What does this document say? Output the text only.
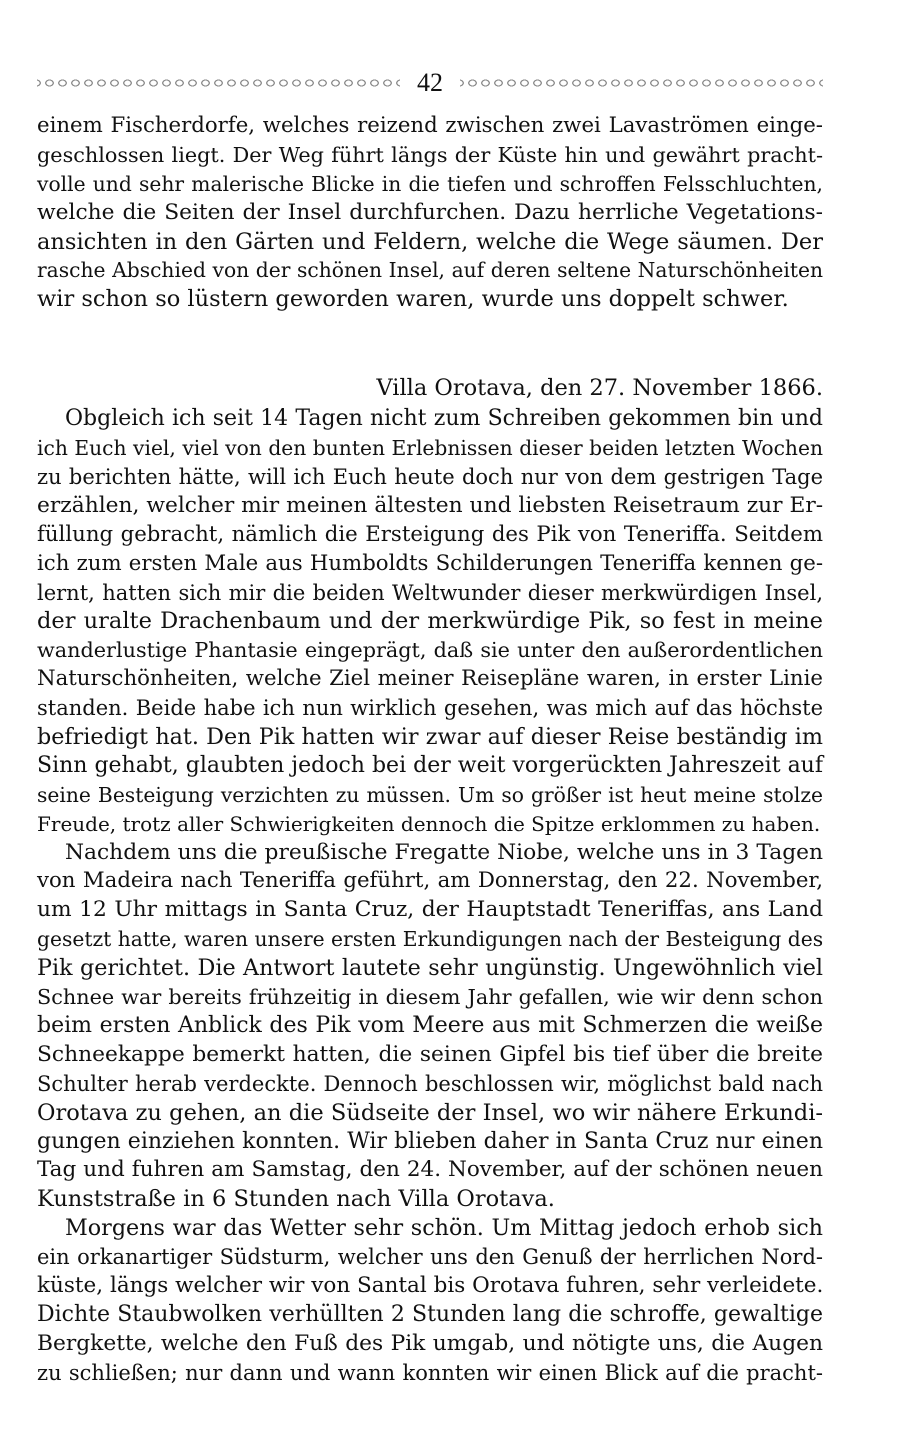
42
einem Fischerdorfe, welches reizend zwischen zwei Lavaströmen einge-
geschlossen liegt. Der Weg führt längs der Küste hin und gewährt pracht-
volle und sehr malerische Blicke in die tiefen und schroffen Felsschluchten,
welche die Seiten der Insel durchfurchen. Dazu herrliche Vegetations-
ansichten in den Gärten und Feldern, welche die Wege säumen. Der
rasche Abschied von der schönen Insel, auf deren seltene Naturschönheiten
wir schon so lüstern geworden waren, wurde uns doppelt schwer.
Villa Orotava, den 27. November 1866.
Obgleich ich seit 14 Tagen nicht zum Schreiben gekommen bin und
ich Euch viel, viel von den bunten Erlebnissen dieser beiden letzten Wochen
zu berichten hätte, will ich Euch heute doch nur von dem gestrigen Tage
erzählen, welcher mir meinen ältesten und liebsten Reisetraum zur Er-
füllung gebracht, nämlich die Ersteigung des Pik von Teneriffa. Seitdem
ich zum ersten Male aus Humboldts Schilderungen Teneriffa kennen ge-
lernt, hatten sich mir die beiden Weltwunder dieser merkwürdigen Insel,
der uralte Drachenbaum und der merkwürdige Pik, so fest in meine
wanderlustige Phantasie eingeprägt, daß sie unter den außerordentlichen
Naturschönheiten, welche Ziel meiner Reisepläne waren, in erster Linie
standen. Beide habe ich nun wirklich gesehen, was mich auf das höchste
befriedigt hat. Den Pik hatten wir zwar auf dieser Reise beständig im
Sinn gehabt, glaubten jedoch bei der weit vorgerückten Jahreszeit auf
seine Besteigung verzichten zu müssen. Um so größer ist heut meine stolze
Freude, trotz aller Schwierigkeiten dennoch die Spitze erklommen zu haben.
Nachdem uns die preußische Fregatte Niobe, welche uns in 3 Tagen
von Madeira nach Teneriffa geführt, am Donnerstag, den 22. November,
um 12 Uhr mittags in Santa Cruz, der Hauptstadt Teneriffas, ans Land
gesetzt hatte, waren unsere ersten Erkundigungen nach der Besteigung des
Pik gerichtet. Die Antwort lautete sehr ungünstig. Ungewöhnlich viel
Schnee war bereits frühzeitig in diesem Jahr gefallen, wie wir denn schon
beim ersten Anblick des Pik vom Meere aus mit Schmerzen die weiße
Schneekappe bemerkt hatten, die seinen Gipfel bis tief über die breite
Schulter herab verdeckte. Dennoch beschlossen wir, möglichst bald nach
Orotava zu gehen, an die Südseite der Insel, wo wir nähere Erkundi-
gungen einziehen konnten. Wir blieben daher in Santa Cruz nur einen
Tag und fuhren am Samstag, den 24. November, auf der schönen neuen
Kunststraße in 6 Stunden nach Villa Orotava.
Morgens war das Wetter sehr schön. Um Mittag jedoch erhob sich
ein orkanartiger Südsturm, welcher uns den Genuß der herrlichen Nord-
küste, längs welcher wir von Santal bis Orotava fuhren, sehr verleidete.
Dichte Staubwolken verhüllten 2 Stunden lang die schroffe, gewaltige
Bergkette, welche den Fuß des Pik umgab, und nötigte uns, die Augen
zu schließen; nur dann und wann konnten wir einen Blick auf die pracht-
